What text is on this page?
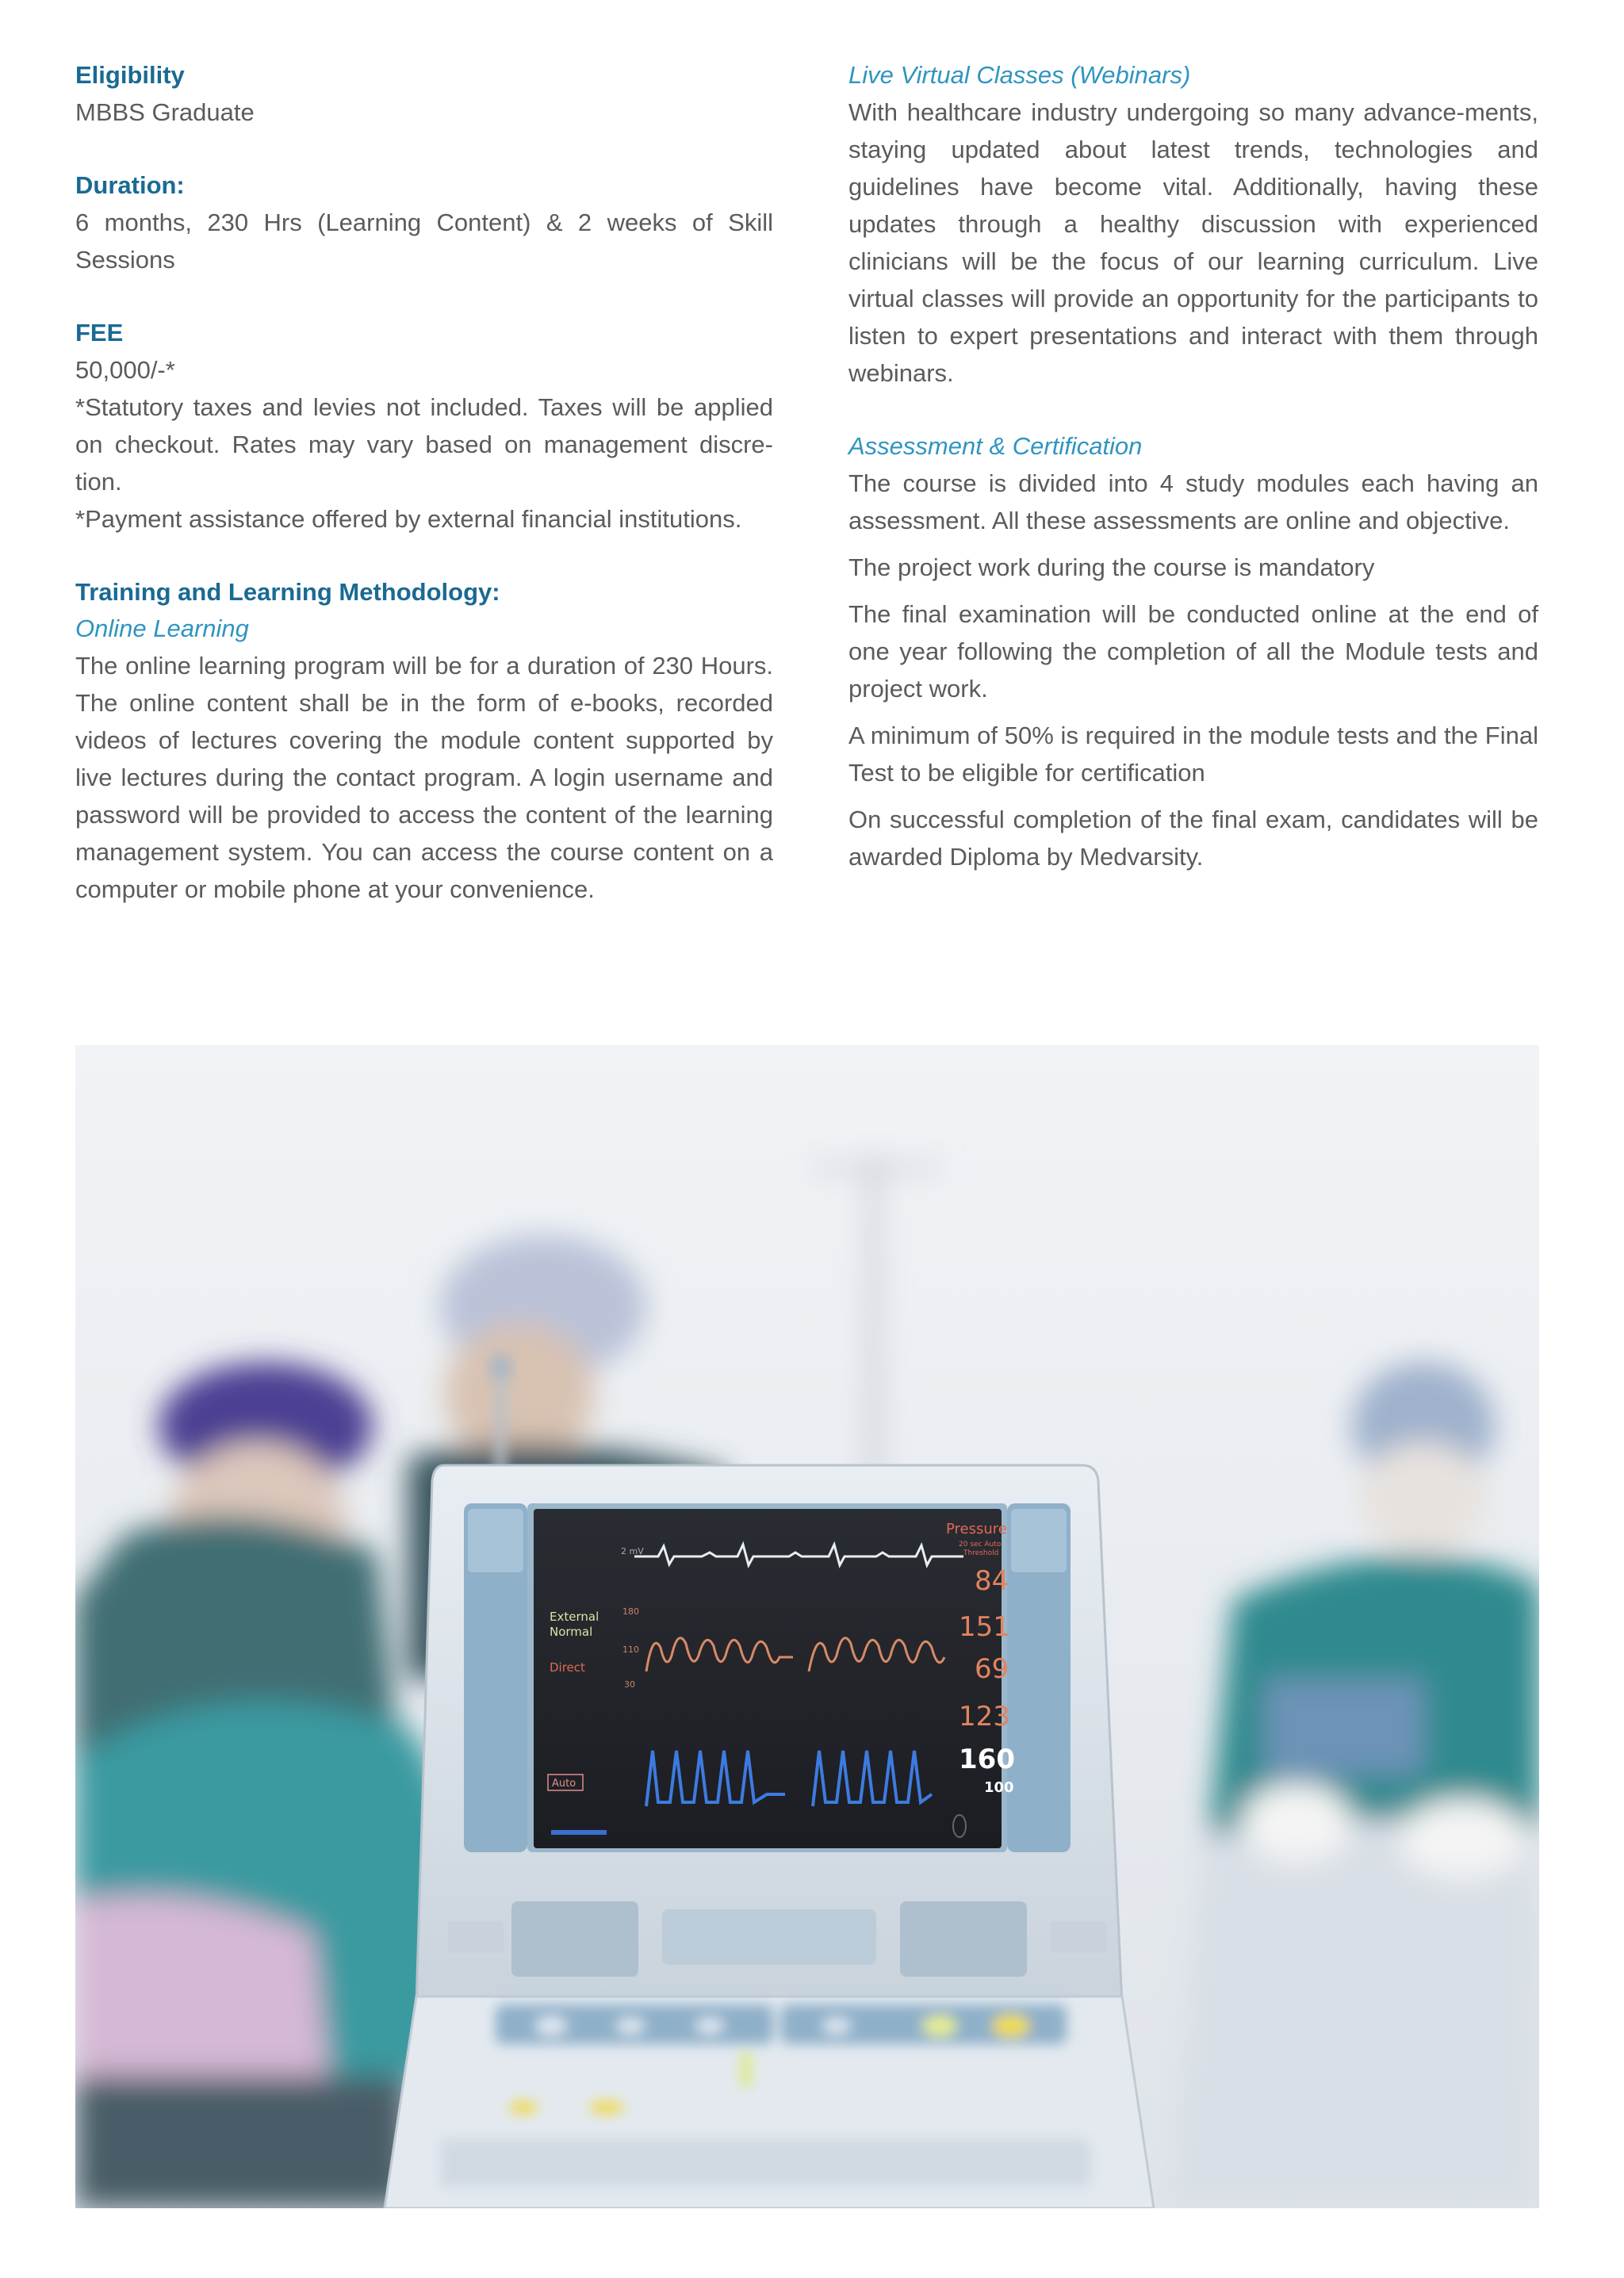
Eligibility

MBBS Graduate

Duration:

6 months, 230 Hrs (Learning Content) & 2 weeks of Skill Sessions

FEE

50,000/-*

*Statutory taxes and levies not included. Taxes will be applied on checkout. Rates may vary based on management discre-tion.

*Payment assistance offered by external financial institutions.

Training and Learning Methodology:
Online Learning

The online learning program will be for a duration of 230 Hours. The online content shall be in the form of e-books, recorded videos of lectures covering the module content supported by live lectures during the contact program. A login username and password will be provided to access the content of the learning management system. You can access the course content on a computer or mobile phone at your convenience.

Live Virtual Classes (Webinars)

With healthcare industry undergoing so many advance-ments, staying updated about latest trends, technologies and guidelines have become vital. Additionally, having these updates through a healthy discussion with experienced clinicians will be the focus of our learning curriculum. Live virtual classes will provide an opportunity for the participants to listen to expert presentations and interact with them through webinars.

Assessment & Certification

The course is divided into 4 study modules each having an assessment. All these assessments are online and objective.

The project work during the course is mandatory

The final examination will be conducted online at the end of one year following the completion of all the Module tests and project work.

A minimum of 50% is required in the module tests and the Final Test to be eligible for certification

On successful completion of the final exam, candidates will be awarded Diploma by Medvarsity.

2 mV
180
110
30
External
Normal
Direct
Auto
Pressure
20 sec Auto
Threshold
84
151
69
123
160
100
